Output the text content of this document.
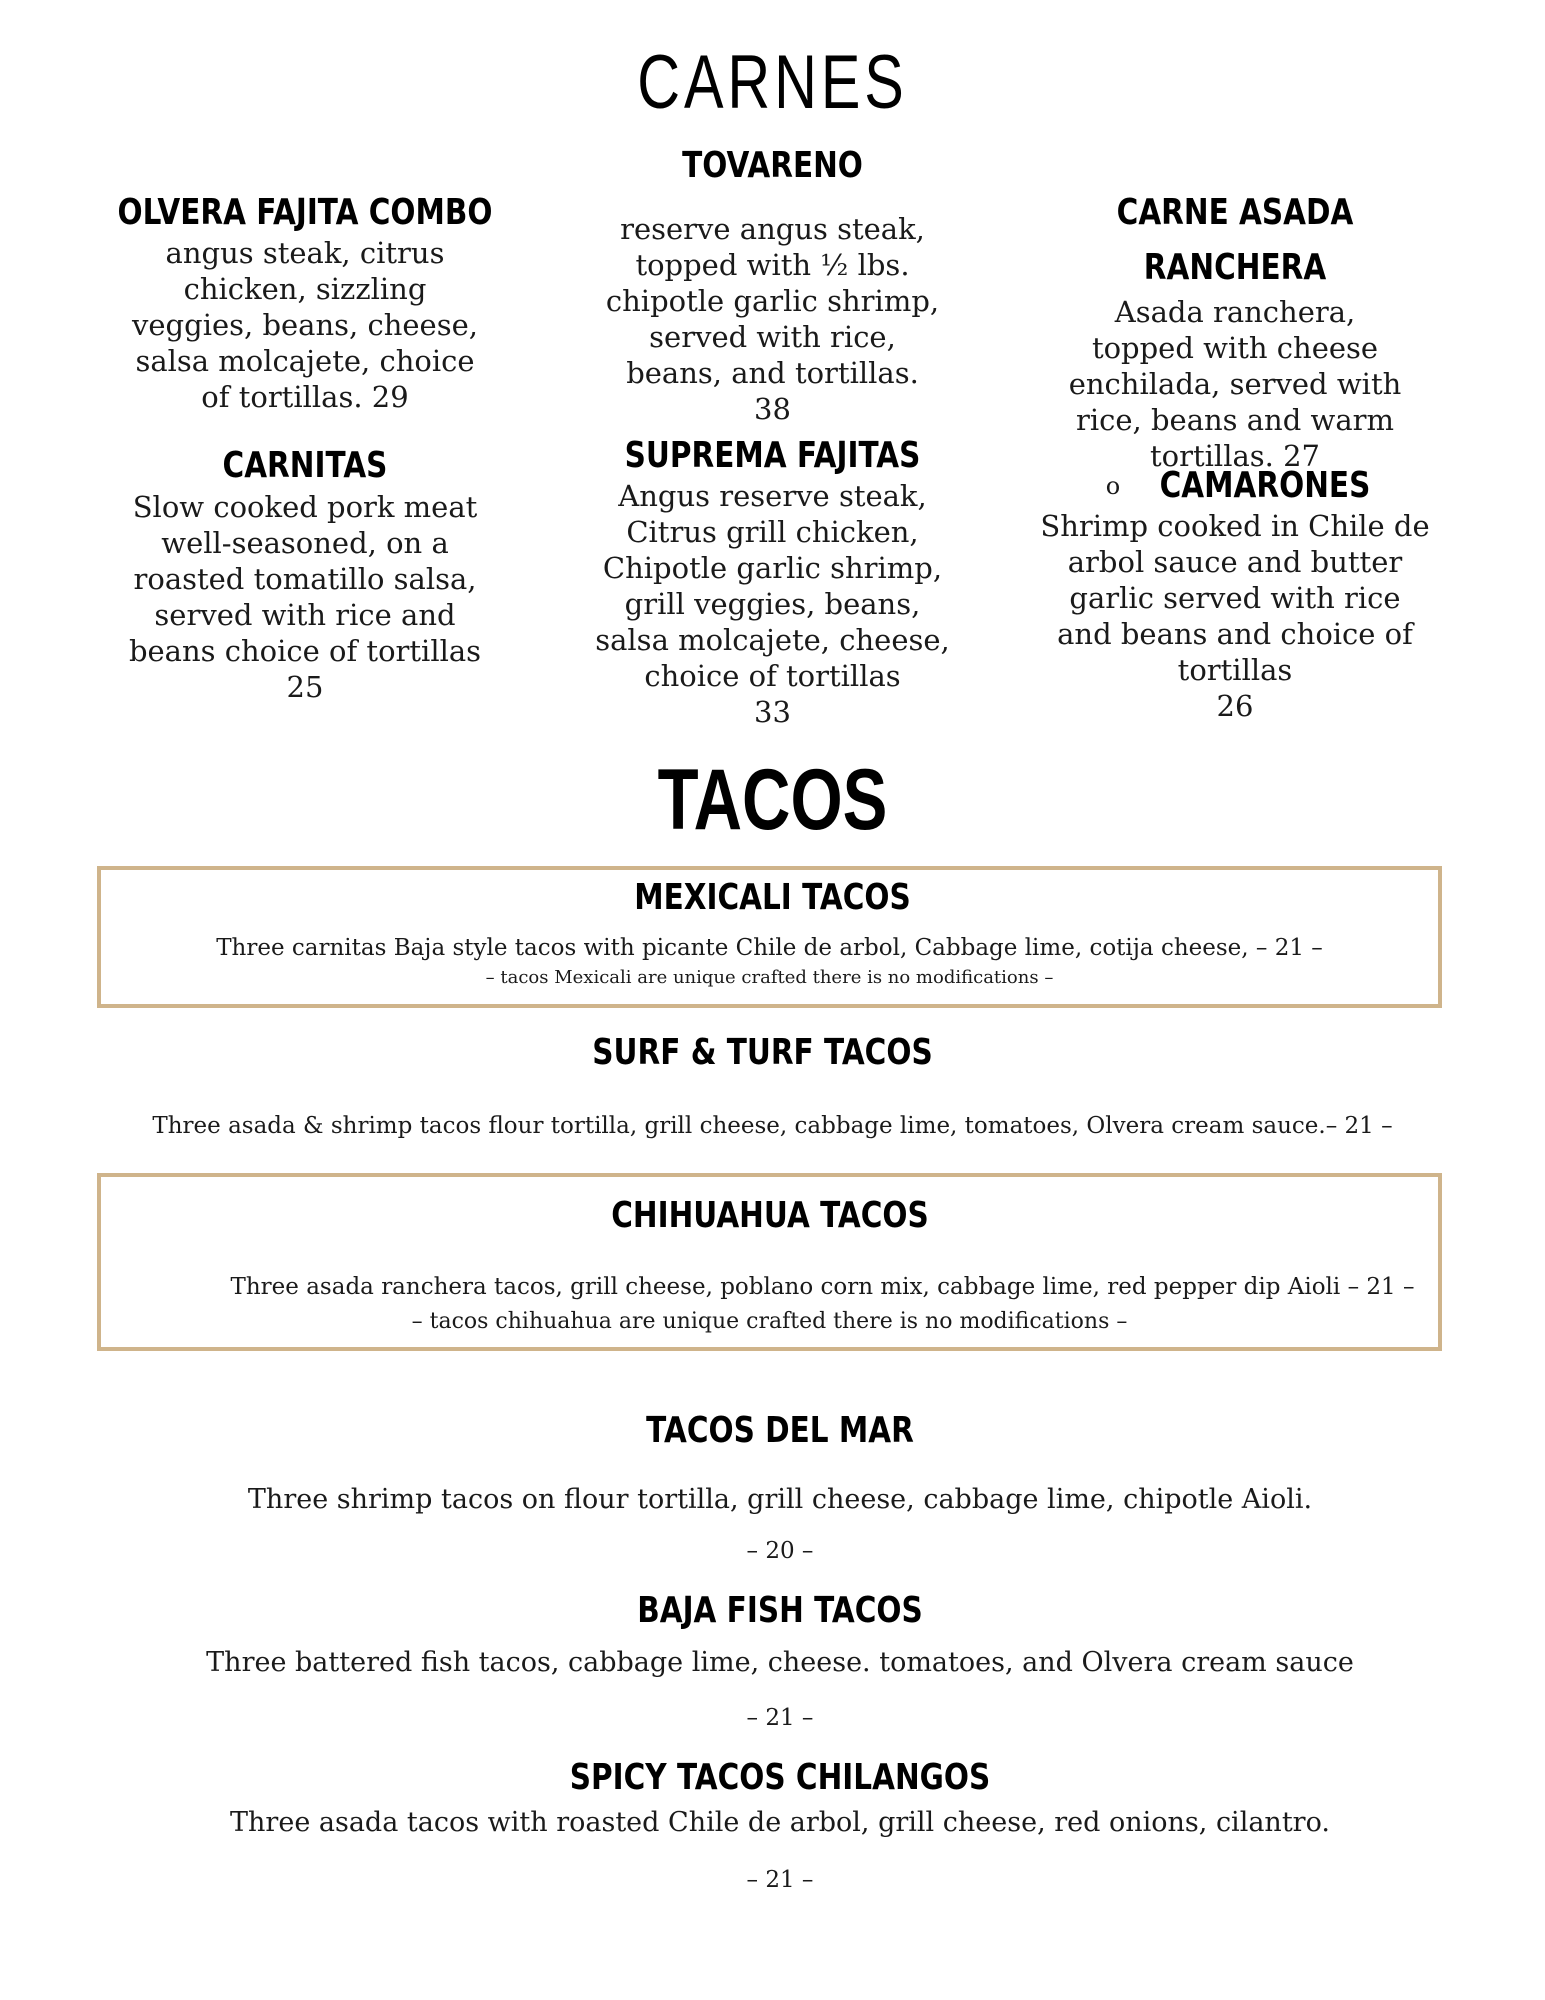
CARNES
OLVERA FAJITA COMBO
angus steak, citrus chicken, sizzling veggies, beans, cheese, salsa molcajete, choice of tortillas. 29
CARNITAS
Slow cooked pork meat well-seasoned, on a roasted tomatillo salsa, served with rice and beans choice of tortillas
25
TOVARENO
reserve angus steak, topped with ½ lbs. chipotle garlic shrimp, served with rice, beans, and tortillas.
38
SUPREMA FAJITAS
Angus reserve steak, Citrus grill chicken, Chipotle garlic shrimp, grill veggies, beans, salsa molcajete, cheese, choice of tortillas
33
CARNE ASADA
RANCHERA
Asada ranchera, topped with cheese enchilada, served with rice, beans and warm tortillas. 27
o	CAMARONES
Shrimp cooked in Chile de arbol sauce and butter garlic served with rice and beans and choice of tortillas
26
TACOS
MEXICALI TACOS
Three carnitas Baja style tacos with picante Chile de arbol, Cabbage lime, cotija cheese, – 21 –
– tacos Mexicali are unique crafted there is no modifications –
SURF & TURF TACOS
Three asada & shrimp tacos flour tortilla, grill cheese, cabbage lime, tomatoes, Olvera cream sauce.– 21 –
CHIHUAHUA TACOS
Three asada ranchera tacos, grill cheese, poblano corn mix, cabbage lime, red pepper dip Aioli – 21 –
– tacos chihuahua are unique crafted there is no modifications –
TACOS DEL MAR
Three shrimp tacos on flour tortilla, grill cheese, cabbage lime, chipotle Aioli.
– 20 –
BAJA FISH TACOS
Three battered fish tacos, cabbage lime, cheese. tomatoes, and Olvera cream sauce
– 21 –
SPICY TACOS CHILANGOS
Three asada tacos with roasted Chile de arbol, grill cheese, red onions, cilantro.
– 21 –
